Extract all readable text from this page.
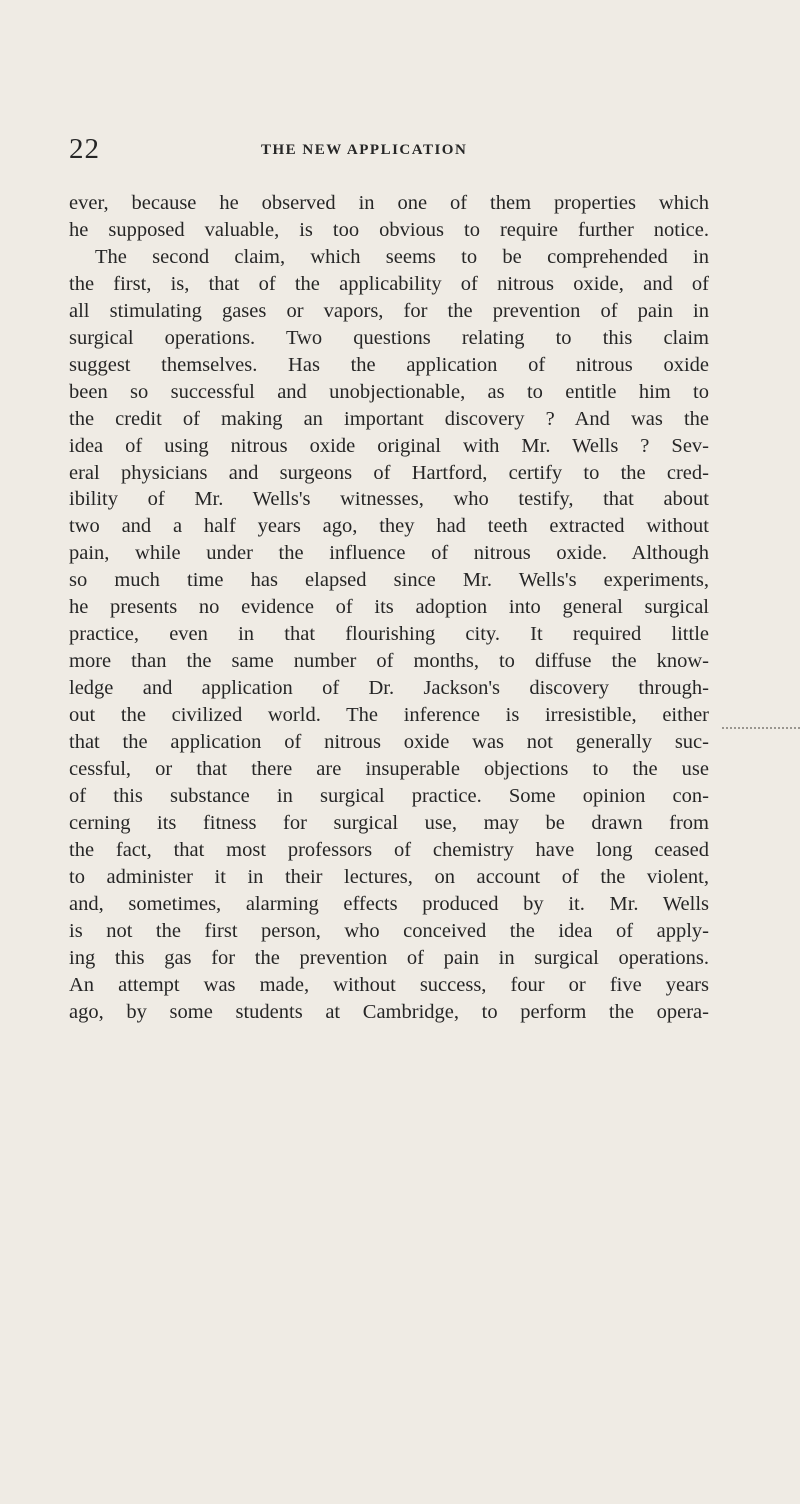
22	THE NEW APPLICATION
ever, because he observed in one of them properties which
he supposed valuable, is too obvious to require further notice.
The second claim, which seems to be comprehended in
the first, is, that of the applicability of nitrous oxide, and of
all stimulating gases or vapors, for the prevention of pain in
surgical operations. Two questions relating to this claim
suggest themselves. Has the application of nitrous oxide
been so successful and unobjectionable, as to entitle him to
the credit of making an important discovery ? And was the
idea of using nitrous oxide original with Mr. Wells ? Sev-
eral physicians and surgeons of Hartford, certify to the cred-
ibility of Mr. Wells's witnesses, who testify, that about
two and a half years ago, they had teeth extracted without
pain, while under the influence of nitrous oxide. Although
so much time has elapsed since Mr. Wells's experiments,
he presents no evidence of its adoption into general surgical
practice, even in that flourishing city. It required little
more than the same number of months, to diffuse the know-
ledge and application of Dr. Jackson's discovery through-
out the civilized world. The inference is irresistible, either
that the application of nitrous oxide was not generally suc-
cessful, or that there are insuperable objections to the use
of this substance in surgical practice. Some opinion con-
cerning its fitness for surgical use, may be drawn from
the fact, that most professors of chemistry have long ceased
to administer it in their lectures, on account of the violent,
and, sometimes, alarming effects produced by it. Mr. Wells
is not the first person, who conceived the idea of apply-
ing this gas for the prevention of pain in surgical operations.
An attempt was made, without success, four or five years
ago, by some students at Cambridge, to perform the opera-
